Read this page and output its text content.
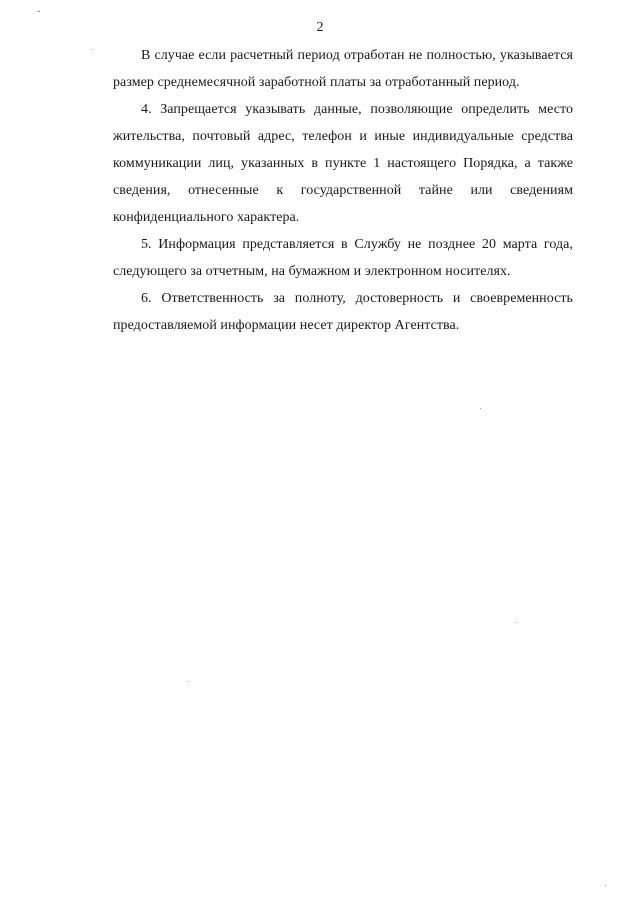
2

В случае если расчетный период отработан не полностью, указывается размер среднемесячной заработной платы за отработанный период.

4. Запрещается указывать данные, позволяющие определить место жительства, почтовый адрес, телефон и иные индивидуальные средства коммуникации лиц, указанных в пункте 1 настоящего Порядка, а также сведения, отнесенные к государственной тайне или сведениям конфиденциального характера.

5. Информация представляется в Службу не позднее 20 марта года, следующего за отчетным, на бумажном и электронном носителях.

6. Ответственность за полноту, достоверность и своевременность предоставляемой информации несет директор Агентства.
